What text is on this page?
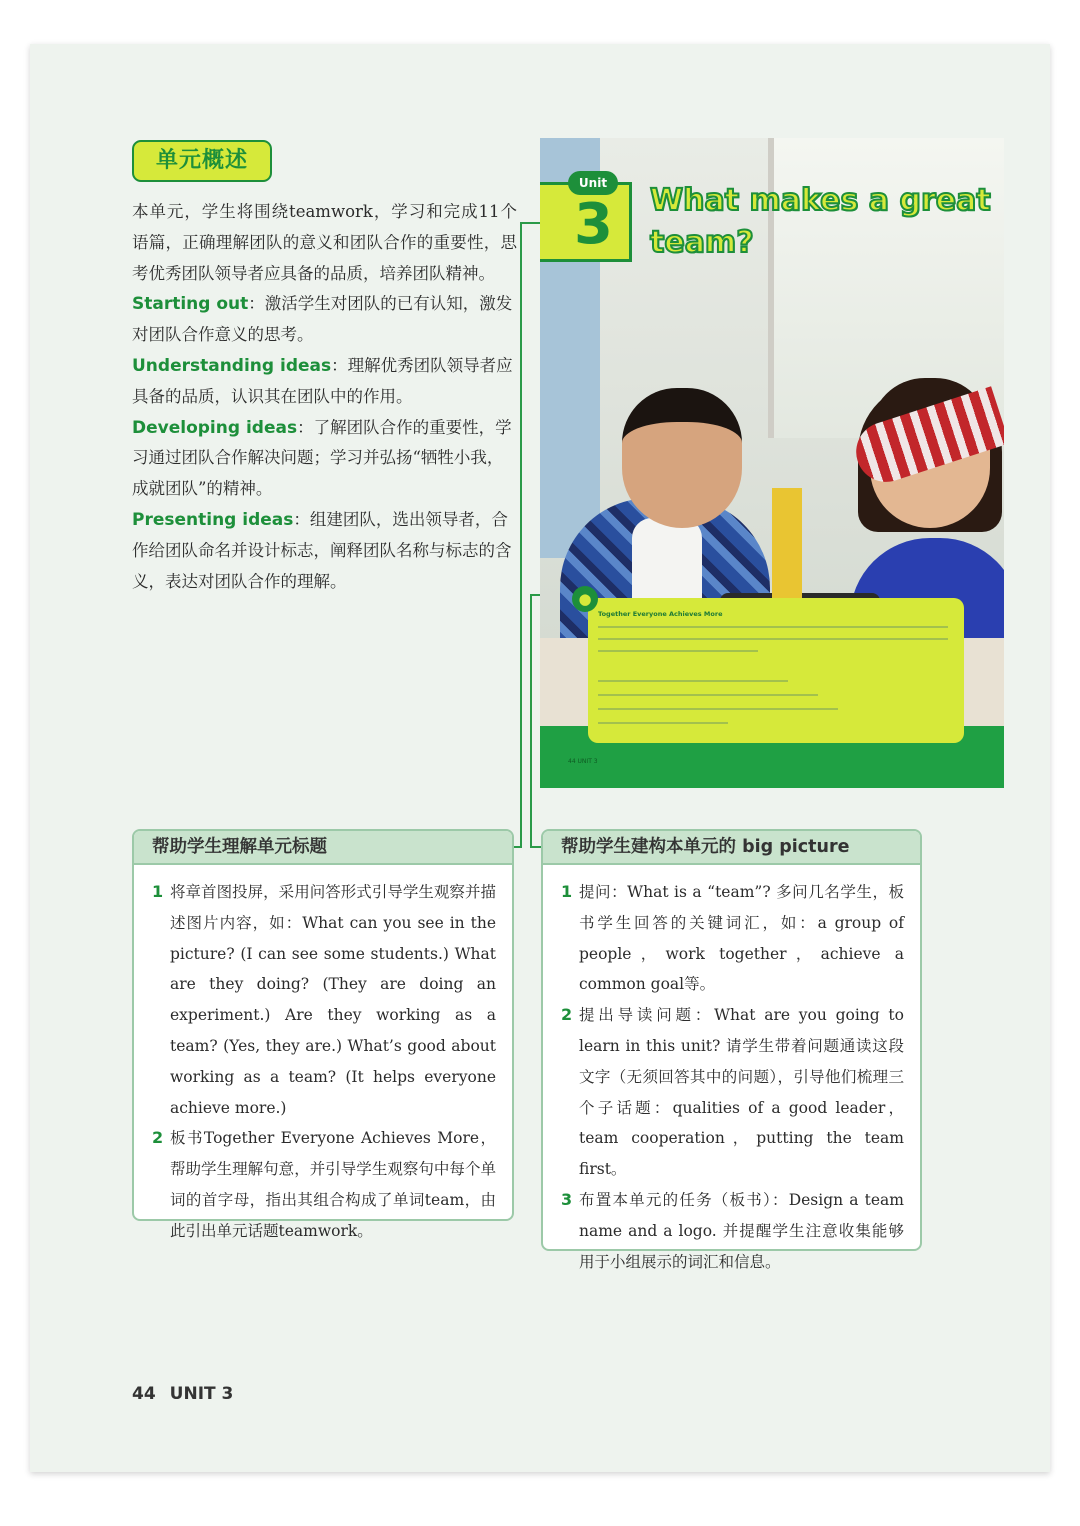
单元概述

本单元，学生将围绕teamwork，学习和完成11个语篇，正确理解团队的意义和团队合作的重要性，思考优秀团队领导者应具备的品质，培养团队精神。

Starting out：激活学生对团队的已有认知，激发对团队合作意义的思考。
Understanding ideas：理解优秀团队领导者应具备的品质，认识其在团队中的作用。
Developing ideas：了解团队合作的重要性，学习通过团队合作解决问题；学习并弘扬“牺牲小我，成就团队”的精神。
Presenting ideas：组建团队，选出领导者，合作给团队命名并设计标志，阐释团队名称与标志的含义，表达对团队合作的理解。
Unit
3 What makes a great team?
●
Together Everyone Achieves More
44 UNIT 3
帮助学生理解单元标题
1 将章首图投屏，采用问答形式引导学生观察并描述图片内容，如：What can you see in the picture? (I can see some students.) What are they doing? (They are doing an experiment.) Are they working as a team? (Yes, they are.) What’s good about working as a team? (It helps everyone achieve more.)
2 板书Together Everyone Achieves More，帮助学生理解句意，并引导学生观察句中每个单词的首字母，指出其组合构成了单词team，由此引出单元话题teamwork。
帮助学生建构本单元的 big picture
1 提问：What is a “team”? 多问几名学生，板书学生回答的关键词汇，如：a group of people，work together，achieve a common goal等。
2 提出导读问题：What are you going to learn in this unit? 请学生带着问题通读这段文字（无须回答其中的问题），引导他们梳理三个子话题：qualities of a good leader，team cooperation，putting the team first。
3 布置本单元的任务（板书）：Design a team name and a logo. 并提醒学生注意收集能够用于小组展示的词汇和信息。
44 UNIT 3
